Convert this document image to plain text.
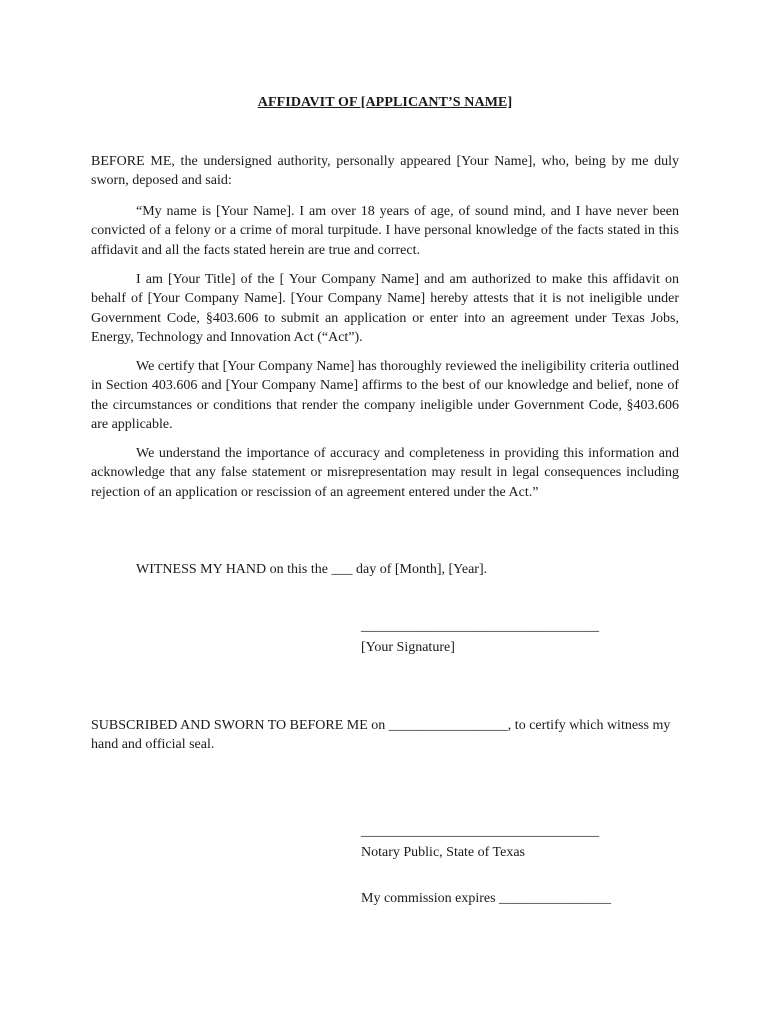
AFFIDAVIT OF [APPLICANT’S NAME]
BEFORE ME, the undersigned authority, personally appeared [Your Name], who, being by me duly sworn, deposed and said:
“My name is [Your Name]. I am over 18 years of age, of sound mind, and I have never been convicted of a felony or a crime of moral turpitude. I have personal knowledge of the facts stated in this affidavit and all the facts stated herein are true and correct.
I am [Your Title] of the [ Your Company Name] and am authorized to make this affidavit on behalf of [Your Company Name]. [Your Company Name] hereby attests that it is not ineligible under Government Code, §403.606 to submit an application or enter into an agreement under Texas Jobs, Energy, Technology and Innovation Act (“Act”).
We certify that [Your Company Name] has thoroughly reviewed the ineligibility criteria outlined in Section 403.606 and [Your Company Name] affirms to the best of our knowledge and belief, none of the circumstances or conditions that render the company ineligible under Government Code, §403.606 are applicable.
We understand the importance of accuracy and completeness in providing this information and acknowledge that any false statement or misrepresentation may result in legal consequences including rejection of an application or rescission of an agreement entered under the Act.”
WITNESS MY HAND on this the ___ day of [Month], [Year].
__________________________________
[Your Signature]
SUBSCRIBED AND SWORN TO BEFORE ME on _________________, to certify which witness my hand and official seal.
__________________________________
Notary Public, State of Texas
My commission expires ________________
